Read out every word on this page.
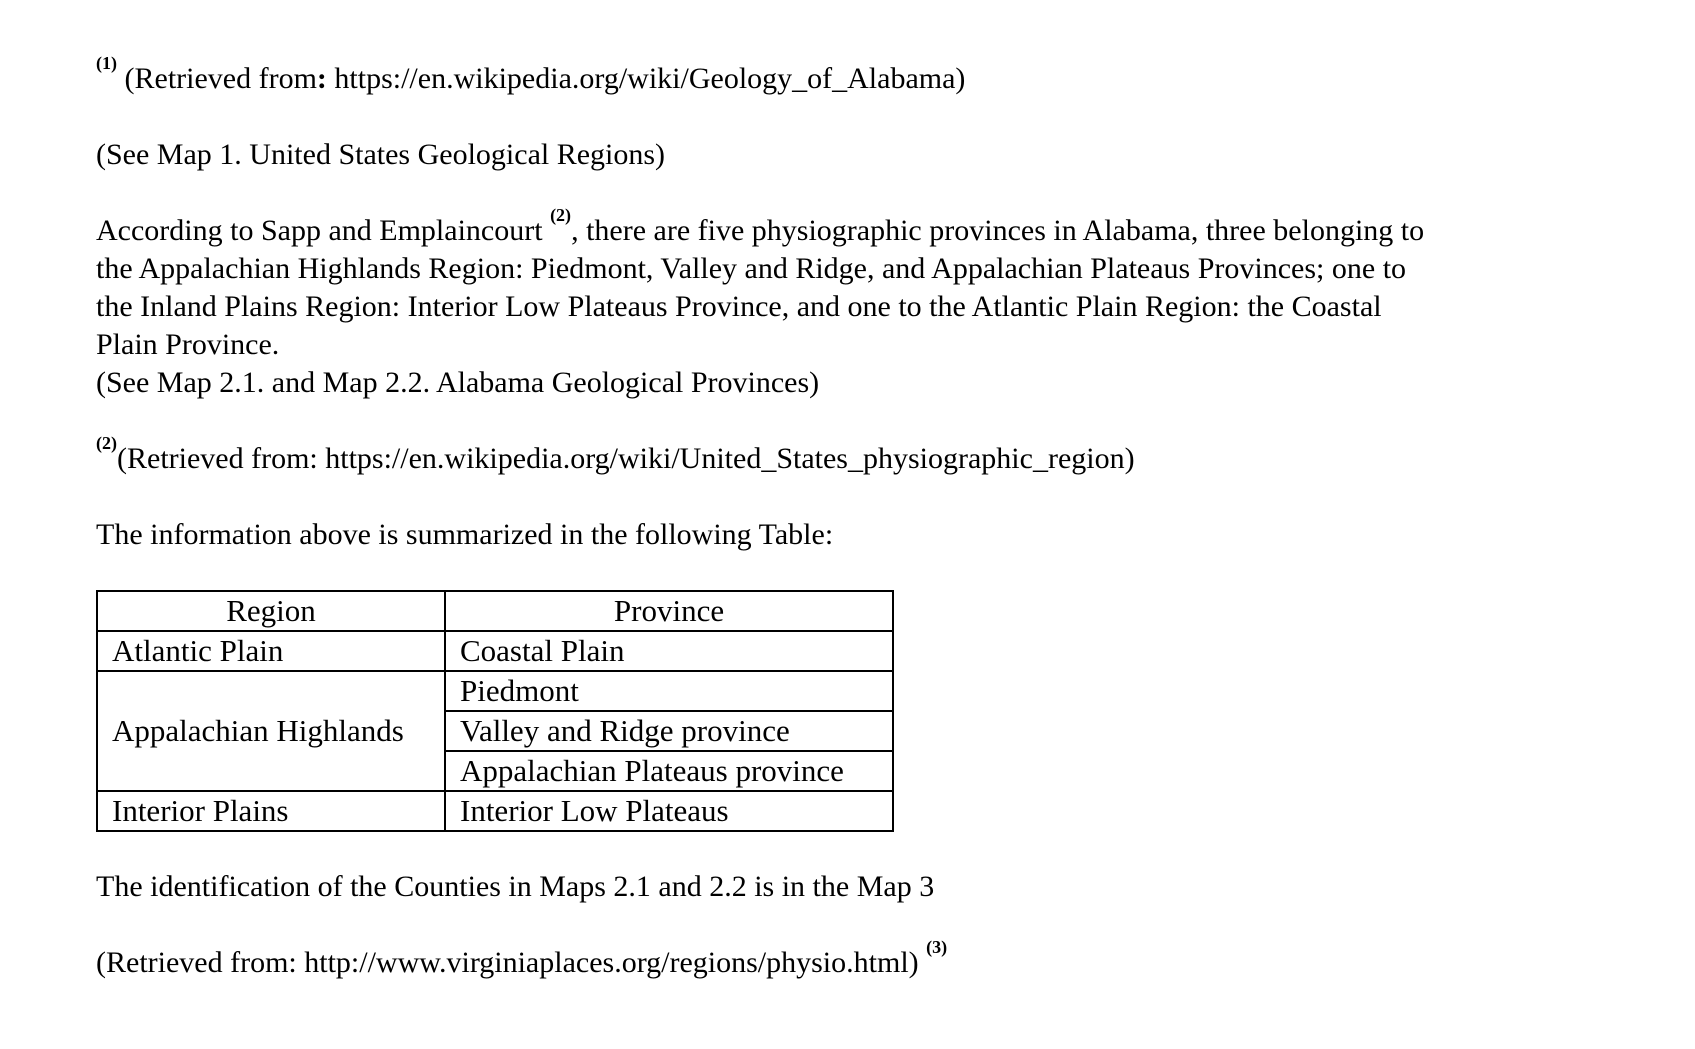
$^{(1)}$ (Retrieved from: https://en.wikipedia.org/wiki/Geology_of_Alabama)

(See Map 1. United States Geological Regions)

According to Sapp and Emplaincourt $^{(2)}$, there are five physiographic provinces in Alabama, three belonging to

the Appalachian Highlands Region: Piedmont, Valley and Ridge, and Appalachian Plateaus Provinces; one to

the Inland Plains Region: Interior Low Plateaus Province, and one to the Atlantic Plain Region: the Coastal

Plain Province.

(See Map 2.1. and Map 2.2. Alabama Geological Provinces)

$^{(2)}$(Retrieved from: https://en.wikipedia.org/wiki/United_States_physiographic_region)

The information above is summarized in the following Table:

Region	Province
Atlantic Plain	Coastal Plain
Appalachian Highlands	Piedmont
	Valley and Ridge province
	Appalachian Plateaus province
Interior Plains	Interior Low Plateaus

The identification of the Counties in Maps 2.1 and 2.2 is in the Map 3

(Retrieved from: http://www.virginiaplaces.org/regions/physio.html) $^{(3)}$
